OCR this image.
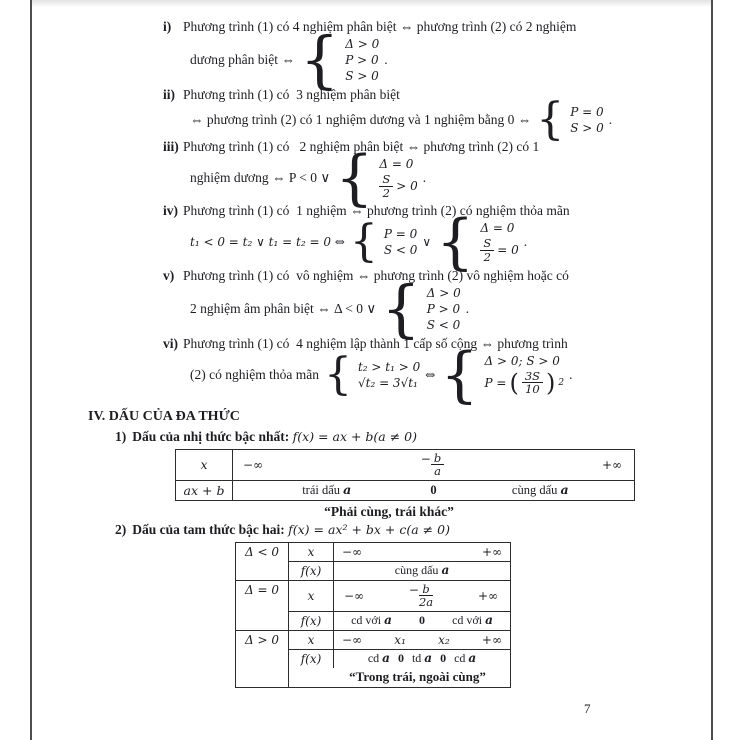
i) Phương trình (1) có 4 nghiệm phân biệt ⇔ phương trình (2) có 2 nghiệm
dương phân biệt ⇔ { Δ > 0
P > 0
S > 0
.
ii) Phương trình (1) có  3 nghiệm phân biệt
⇔ phương trình (2) có 1 nghiệm dương và 1 nghiệm bằng 0 ⇔ { P = 0
S > 0
.
iii) Phương trình (1) có   2 nghiệm phân biệt ⇔ phương trình (2) có 1
nghiệm dương ⇔ P < 0 ∨ { Δ = 0
$\frac{S}{2} > 0$
.
iv) Phương trình (1) có  1 nghiệm ⇔ phương trình (2) có nghiệm thỏa mãn
t₁ < 0 = t₂ ∨ t₁ = t₂ = 0 ⇔ { P = 0
S < 0
∨ { Δ = 0
$\frac{S}{2} = 0$
.
v) Phương trình (1) có  vô nghiệm ⇔ phương trình (2) vô nghiệm hoặc có
2 nghiệm âm phân biệt ⇔ Δ < 0 ∨ { Δ > 0
P > 0
S < 0
.
vi) Phương trình (1) có  4 nghiệm lập thành 1 cấp số cộng ⇔ phương trình
(2) có nghiệm thỏa mãn { t₂ > t₁ > 0
√t₂ = 3√t₁
⇔ { Δ > 0; S > 0
P = ( $\frac{3S}{10}$ ) 2
.
IV. DẤU CỦA ĐA THỨC
1) Dấu của nhị thức bậc nhất: f(x) = ax + b(a ≠ 0)
x	−∞	− $\frac{b}{a}$	+∞
ax + b	trái dấu a	0	cùng dấu a
“Phải cùng, trái khác”
2) Dấu của tam thức bậc hai: f(x) = ax² + bx + c(a ≠ 0)
Δ < 0	x	−∞	+∞
f(x)	cùng dấu a
Δ = 0	x	−∞	− $\frac{b}{2a}$	+∞
f(x)	cd với a	0	cd với a
Δ > 0	x	−∞	x₁	x₂	+∞
f(x)	cd a 0 td a 0 cd a
“Trong trái, ngoài cùng”
7
